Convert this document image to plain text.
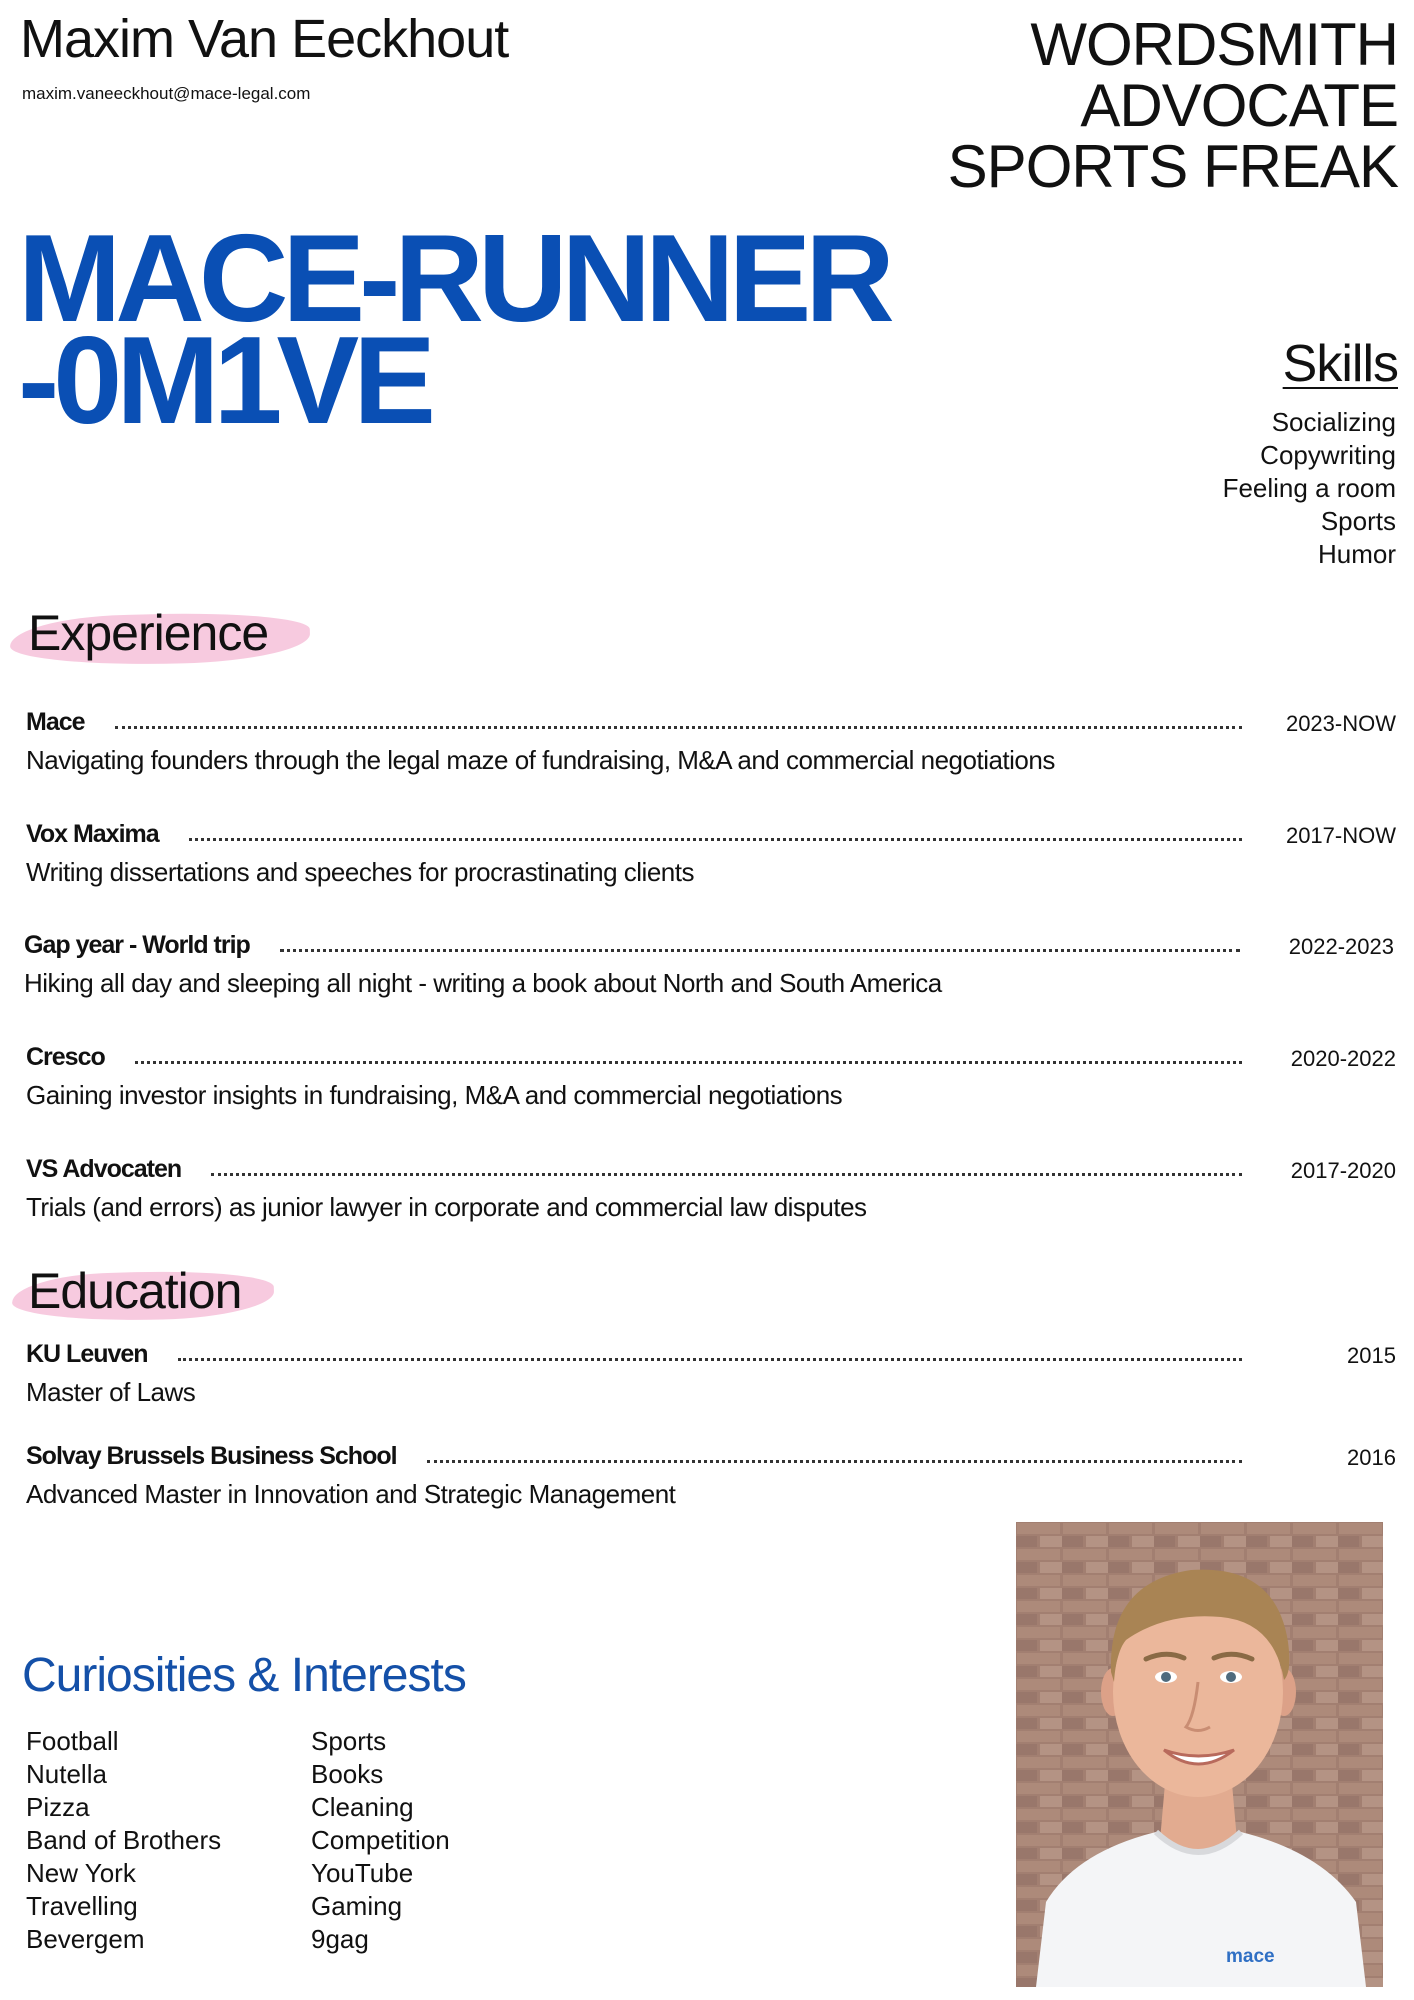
Maxim Van Eeckhout
maxim.vaneeckhout@mace-legal.com
WORDSMITH
ADVOCATE
SPORTS FREAK
MACE-RUNNER
-0M1VE	Skills
Socializing
Copywriting
Feeling a room
Sports
Humor
Experience
Mace	2023-NOW
Navigating founders through the legal maze of fundraising, M&A and commercial negotiations
Vox Maxima	2017-NOW
Writing dissertations and speeches for procrastinating clients
Gap year - World trip	2022-2023
Hiking all day and sleeping all night - writing a book about North and South America
Cresco	2020-2022
Gaining investor insights in fundraising, M&A and commercial negotiations
VS Advocaten	2017-2020
Trials (and errors) as junior lawyer in corporate and commercial law disputes
Education
KU Leuven	2015
Master of Laws
Solvay Brussels Business School	2016
Advanced Master in Innovation and Strategic Management
Curiosities & Interests
Football
Nutella
Pizza
Band of Brothers
New York
Travelling
Bevergem
Sports
Books
Cleaning
Competition
YouTube
Gaming
9gag
mace
